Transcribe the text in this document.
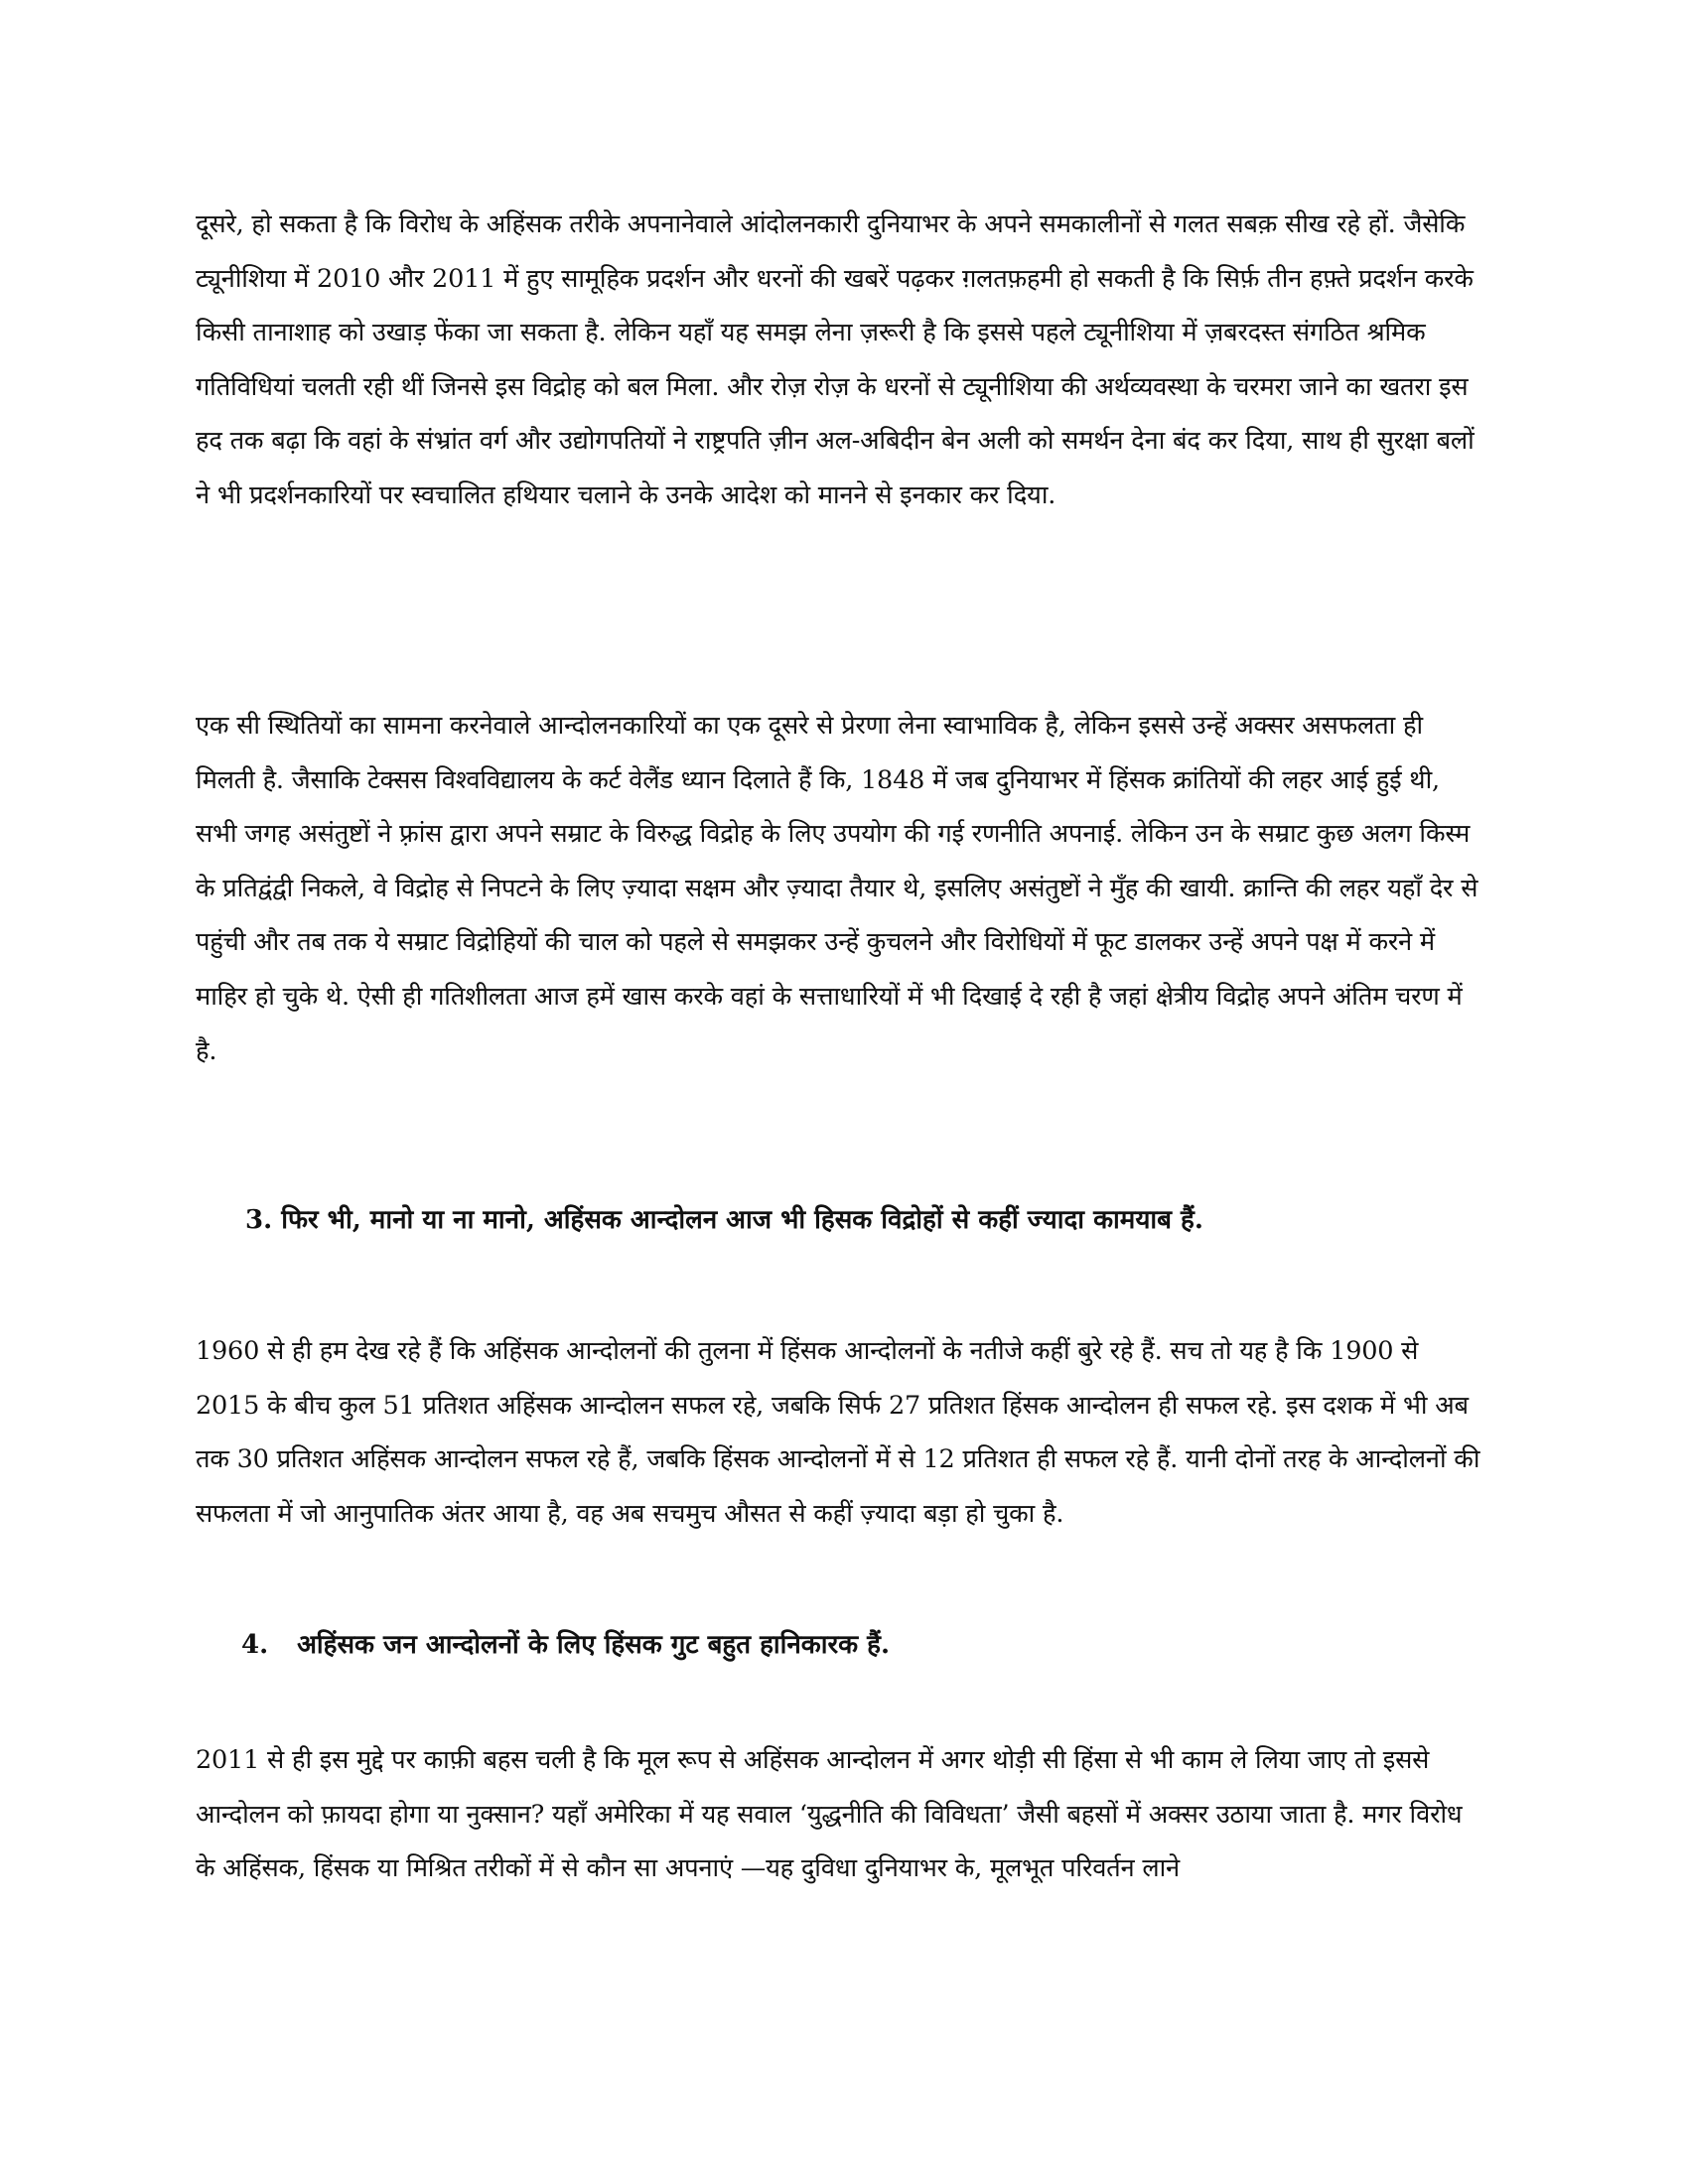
दूसरे, हो सकता है कि विरोध के अहिंसक तरीके अपनानेवाले आंदोलनकारी दुनियाभर के अपने समकालीनों से गलत सबक़ सीख रहे हों. जैसेकि ट्यूनीशिया में 2010 और 2011 में हुए सामूहिक प्रदर्शन और धरनों की खबरें पढ़कर ग़लतफ़हमी हो सकती है कि सिर्फ़ तीन हफ़्ते प्रदर्शन करके किसी तानाशाह को उखाड़ फेंका जा सकता है. लेकिन यहाँ यह समझ लेना ज़रूरी है कि इससे पहले ट्यूनीशिया में ज़बरदस्त संगठित श्रमिक गतिविधियां चलती रही थीं जिनसे इस विद्रोह को बल मिला. और रोज़ रोज़ के धरनों से ट्यूनीशिया की अर्थव्यवस्था के चरमरा जाने का खतरा इस हद तक बढ़ा कि वहां के संभ्रांत वर्ग और उद्योगपतियों ने राष्ट्रपति ज़ीन अल-अबिदीन बेन अली को समर्थन देना बंद कर दिया, साथ ही सुरक्षा बलों ने भी प्रदर्शनकारियों पर स्वचालित हथियार चलाने के उनके आदेश को मानने से इनकार कर दिया.

एक सी स्थितियों का सामना करनेवाले आन्दोलनकारियों का एक दूसरे से प्रेरणा लेना स्वाभाविक है, लेकिन इससे उन्हें अक्सर असफलता ही मिलती है. जैसाकि टेक्सस विश्वविद्यालय के कर्ट वेलैंड ध्यान दिलाते हैं कि, 1848 में जब दुनियाभर में हिंसक क्रांतियों की लहर आई हुई थी, सभी जगह असंतुष्टों ने फ़्रांस द्वारा अपने सम्राट के विरुद्ध विद्रोह के लिए उपयोग की गई रणनीति अपनाई. लेकिन उन के सम्राट कुछ अलग किस्म के प्रतिद्वंद्वी निकले, वे विद्रोह से निपटने के लिए ज़्यादा सक्षम और ज़्यादा तैयार थे, इसलिए असंतुष्टों ने मुँह की खायी. क्रान्ति की लहर यहाँ देर से पहुंची और तब तक ये सम्राट विद्रोहियों की चाल को पहले से समझकर उन्हें कुचलने और विरोधियों में फूट डालकर उन्हें अपने पक्ष में करने में माहिर हो चुके थे. ऐसी ही गतिशीलता आज हमें खास करके वहां के सत्ताधारियों में भी दिखाई दे रही है जहां क्षेत्रीय विद्रोह अपने अंतिम चरण में है.

3. फिर भी, मानो या ना मानो, अहिंसक आन्दोलन आज भी हिसक विद्रोहों से कहीं ज्यादा कामयाब हैं.

1960 से ही हम देख रहे हैं कि अहिंसक आन्दोलनों की तुलना में हिंसक आन्दोलनों के नतीजे कहीं बुरे रहे हैं. सच तो यह है कि 1900 से 2015 के बीच कुल 51 प्रतिशत अहिंसक आन्दोलन सफल रहे, जबकि सिर्फ 27 प्रतिशत हिंसक आन्दोलन ही सफल रहे. इस दशक में भी अब तक 30 प्रतिशत अहिंसक आन्दोलन सफल रहे हैं, जबकि हिंसक आन्दोलनों में से 12 प्रतिशत ही सफल रहे हैं. यानी दोनों तरह के आन्दोलनों की सफलता में जो आनुपातिक अंतर आया है, वह अब सचमुच औसत से कहीं ज़्यादा बड़ा हो चुका है.

4. अहिंसक जन आन्दोलनों के लिए हिंसक गुट बहुत हानिकारक हैं.

2011 से ही इस मुद्दे पर काफ़ी बहस चली है कि मूल रूप से अहिंसक आन्दोलन में अगर थोड़ी सी हिंसा से भी काम ले लिया जाए तो इससे आन्दोलन को फ़ायदा होगा या नुक्सान? यहाँ अमेरिका में यह सवाल ‘युद्धनीति की विविधता’ जैसी बहसों में अक्सर उठाया जाता है. मगर विरोध के अहिंसक, हिंसक या मिश्रित तरीकों में से कौन सा अपनाएं —यह दुविधा दुनियाभर के, मूलभूत परिवर्तन लाने
